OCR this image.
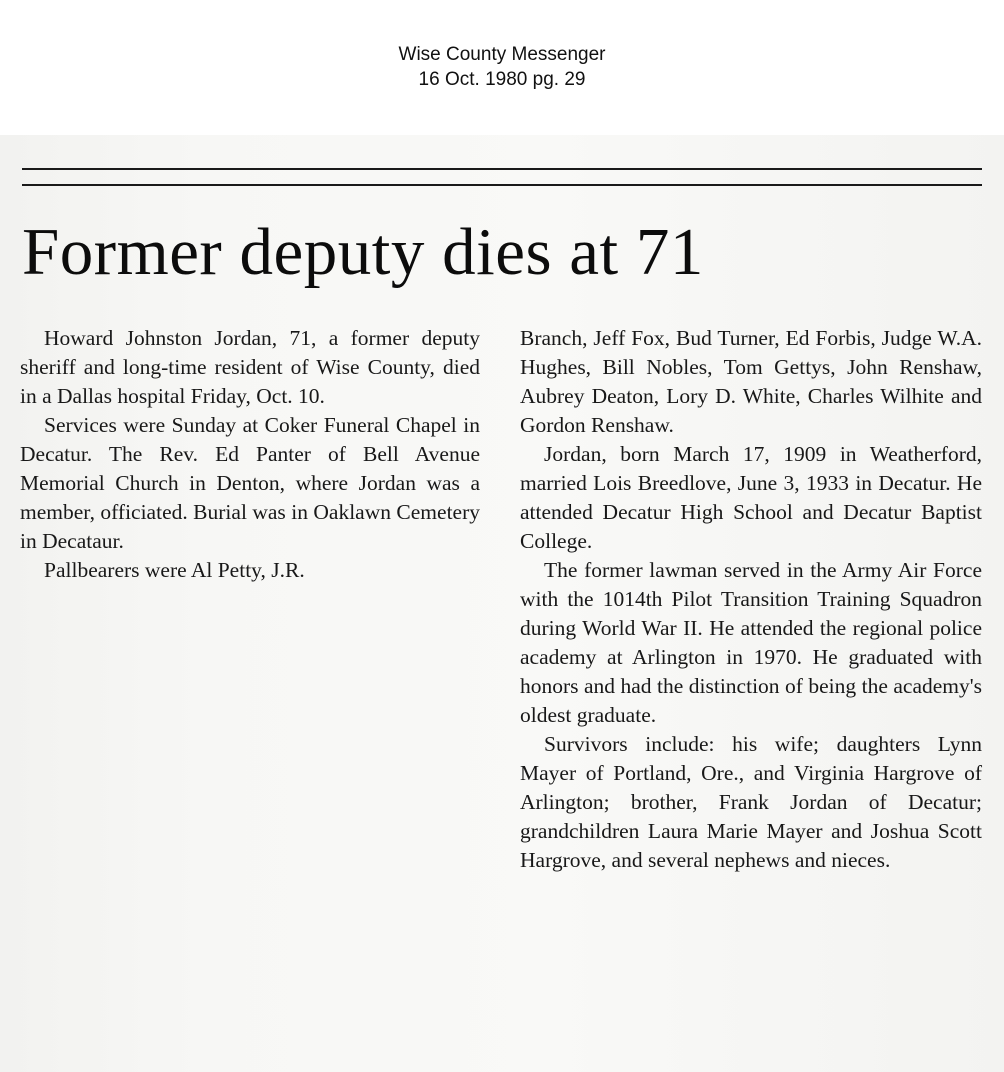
Wise County Messenger
16 Oct. 1980 pg. 29
Former deputy dies at 71

Howard Johnston Jordan, 71, a former deputy sheriff and long-time resident of Wise County, died in a Dallas hospital Friday, Oct. 10.

Services were Sunday at Coker Funeral Chapel in Decatur. The Rev. Ed Panter of Bell Avenue Memorial Church in Denton, where Jordan was a member, officiated. Burial was in Oaklawn Cemetery in Decataur.

Pallbearers were Al Petty, J.R.

Branch, Jeff Fox, Bud Turner, Ed Forbis, Judge W.A. Hughes, Bill Nobles, Tom Gettys, John Renshaw, Aubrey Deaton, Lory D. White, Charles Wilhite and Gordon Renshaw.

Jordan, born March 17, 1909 in Weatherford, married Lois Breedlove, June 3, 1933 in Decatur. He attended Decatur High School and Decatur Baptist College.

The former lawman served in the Army Air Force with the 1014th Pilot Transition Training Squadron during World War II. He attended the regional police academy at Arlington in 1970. He graduated with honors and had the distinction of being the academy's oldest graduate.

Survivors include: his wife; daughters Lynn Mayer of Portland, Ore., and Virginia Hargrove of Arlington; brother, Frank Jordan of Decatur; grandchildren Laura Marie Mayer and Joshua Scott Hargrove, and several nephews and nieces.
